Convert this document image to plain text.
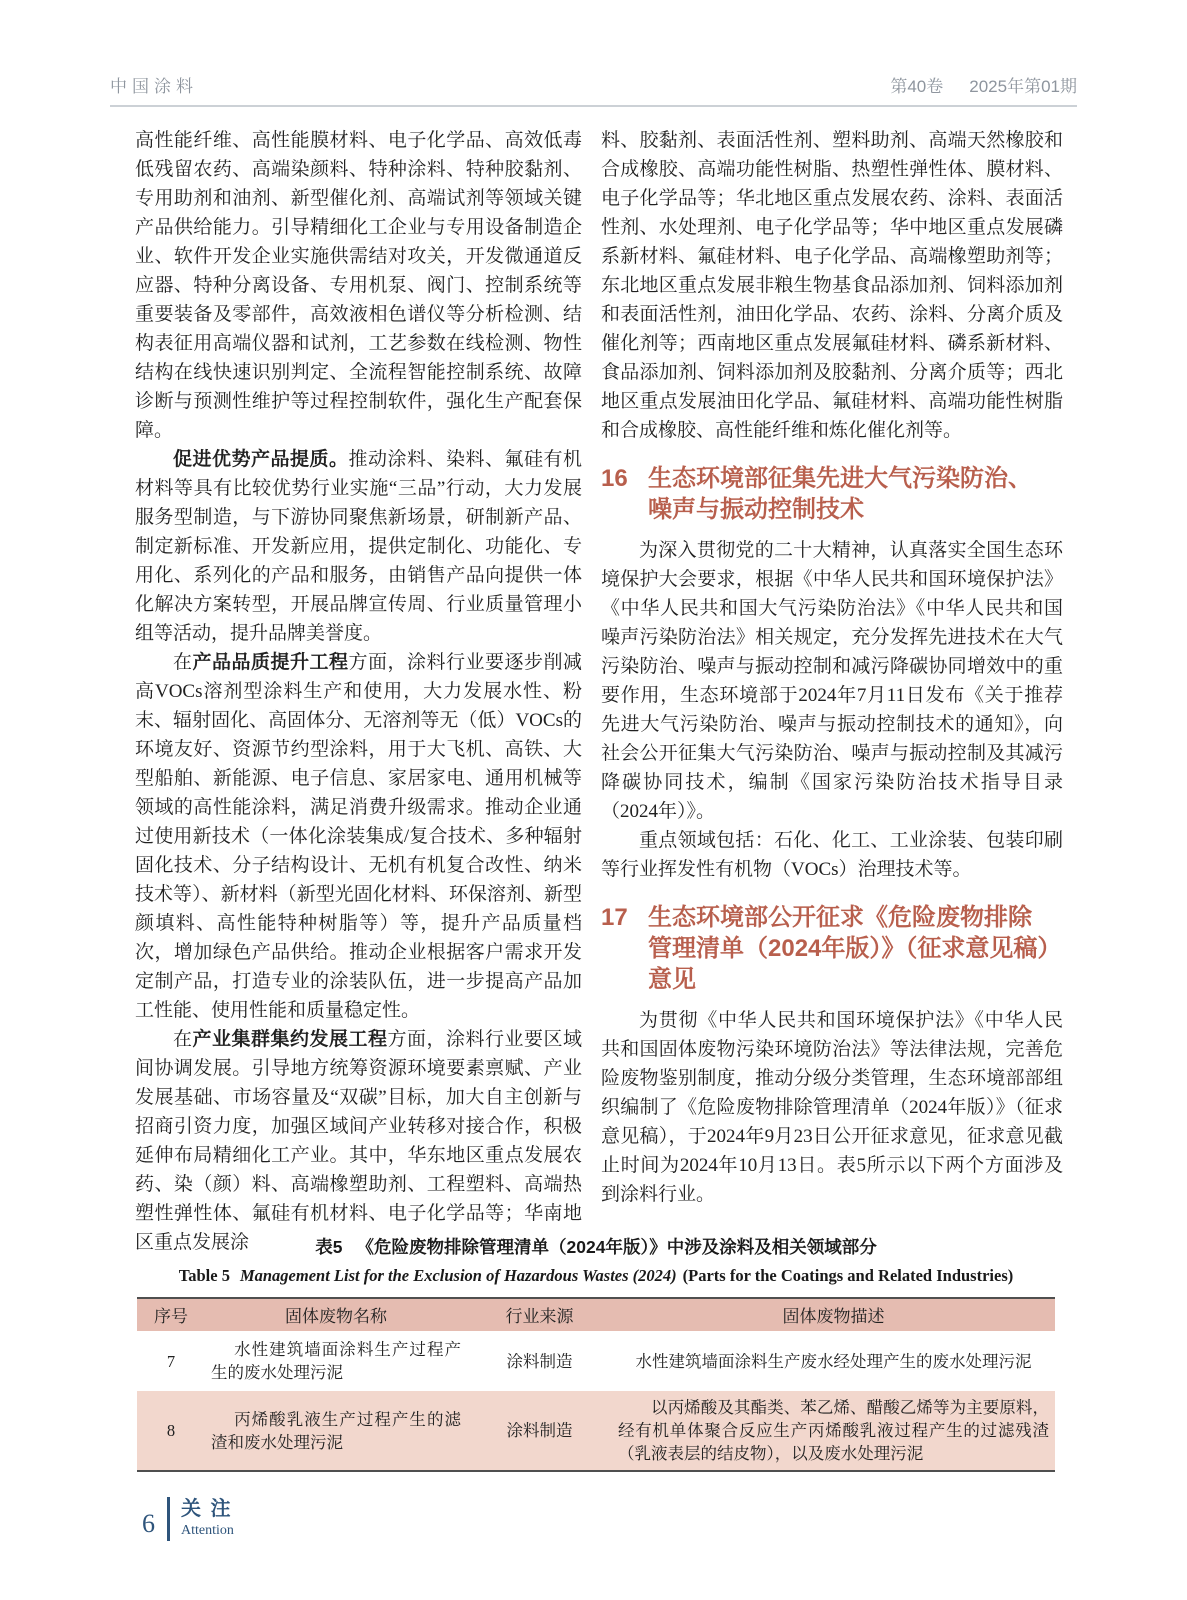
中国涂料	第40卷 2025年第01期

高性能纤维、高性能膜材料、电子化学品、高效低毒低残留农药、高端染颜料、特种涂料、特种胶黏剂、专用助剂和油剂、新型催化剂、高端试剂等领域关键产品供给能力。引导精细化工企业与专用设备制造企业、软件开发企业实施供需结对攻关，开发微通道反应器、特种分离设备、专用机泵、阀门、控制系统等重要装备及零部件，高效液相色谱仪等分析检测、结构表征用高端仪器和试剂，工艺参数在线检测、物性结构在线快速识别判定、全流程智能控制系统、故障诊断与预测性维护等过程控制软件，强化生产配套保障。

促进优势产品提质。推动涂料、染料、氟硅有机材料等具有比较优势行业实施“三品”行动，大力发展服务型制造，与下游协同聚焦新场景，研制新产品、制定新标准、开发新应用，提供定制化、功能化、专用化、系列化的产品和服务，由销售产品向提供一体化解决方案转型，开展品牌宣传周、行业质量管理小组等活动，提升品牌美誉度。

在产品品质提升工程方面，涂料行业要逐步削减高VOCs溶剂型涂料生产和使用，大力发展水性、粉末、辐射固化、高固体分、无溶剂等无（低）VOCs的环境友好、资源节约型涂料，用于大飞机、高铁、大型船舶、新能源、电子信息、家居家电、通用机械等领域的高性能涂料，满足消费升级需求。推动企业通过使用新技术（一体化涂装集成/复合技术、多种辐射固化技术、分子结构设计、无机有机复合改性、纳米技术等）、新材料（新型光固化材料、环保溶剂、新型颜填料、高性能特种树脂等）等，提升产品质量档次，增加绿色产品供给。推动企业根据客户需求开发定制产品，打造专业的涂装队伍，进一步提高产品加工性能、使用性能和质量稳定性。

在产业集群集约发展工程方面，涂料行业要区域间协调发展。引导地方统筹资源环境要素禀赋、产业发展基础、市场容量及“双碳”目标，加大自主创新与招商引资力度，加强区域间产业转移对接合作，积极延伸布局精细化工产业。其中，华东地区重点发展农药、染（颜）料、高端橡塑助剂、工程塑料、高端热塑性弹性体、氟硅有机材料、电子化学品等；华南地区重点发展涂

料、胶黏剂、表面活性剂、塑料助剂、高端天然橡胶和合成橡胶、高端功能性树脂、热塑性弹性体、膜材料、电子化学品等；华北地区重点发展农药、涂料、表面活性剂、水处理剂、电子化学品等；华中地区重点发展磷系新材料、氟硅材料、电子化学品、高端橡塑助剂等；东北地区重点发展非粮生物基食品添加剂、饲料添加剂和表面活性剂，油田化学品、农药、涂料、分离介质及催化剂等；西南地区重点发展氟硅材料、磷系新材料、食品添加剂、饲料添加剂及胶黏剂、分离介质等；西北地区重点发展油田化学品、氟硅材料、高端功能性树脂和合成橡胶、高性能纤维和炼化催化剂等。

16 生态环境部征集先进大气污染防治、
噪声与振动控制技术

为深入贯彻党的二十大精神，认真落实全国生态环境保护大会要求，根据《中华人民共和国环境保护法》《中华人民共和国大气污染防治法》《中华人民共和国噪声污染防治法》相关规定，充分发挥先进技术在大气污染防治、噪声与振动控制和减污降碳协同增效中的重要作用，生态环境部于2024年7月11日发布《关于推荐先进大气污染防治、噪声与振动控制技术的通知》，向社会公开征集大气污染防治、噪声与振动控制及其减污降碳协同技术，编制《国家污染防治技术指导目录（2024年）》。

重点领域包括：石化、化工、工业涂装、包装印刷等行业挥发性有机物（VOCs）治理技术等。

17 生态环境部公开征求《危险废物排除
管理清单（2024年版）》（征求意见稿）
意见

为贯彻《中华人民共和国环境保护法》《中华人民共和国固体废物污染环境防治法》等法律法规，完善危险废物鉴别制度，推动分级分类管理，生态环境部部组织编制了《危险废物排除管理清单（2024年版）》（征求意见稿），于2024年9月23日公开征求意见，征求意见截止时间为2024年10月13日。表5所示以下两个方面涉及到涂料行业。

表5 《危险废物排除管理清单（2024年版）》中涉及涂料及相关领域部分
Table 5 Management List for the Exclusion of Hazardous Wastes (2024) (Parts for the Coatings and Related Industries)
序号	固体废物名称	行业来源	固体废物描述
7	水性建筑墙面涂料生产过程产生的废水处理污泥	涂料制造	水性建筑墙面涂料生产废水经处理产生的废水处理污泥
8	丙烯酸乳液生产过程产生的滤渣和废水处理污泥	涂料制造	以丙烯酸及其酯类、苯乙烯、醋酸乙烯等为主要原料，经有机单体聚合反应生产丙烯酸乳液过程产生的过滤残渣（乳液表层的结皮物），以及废水处理污泥
6 关 注
Attention
